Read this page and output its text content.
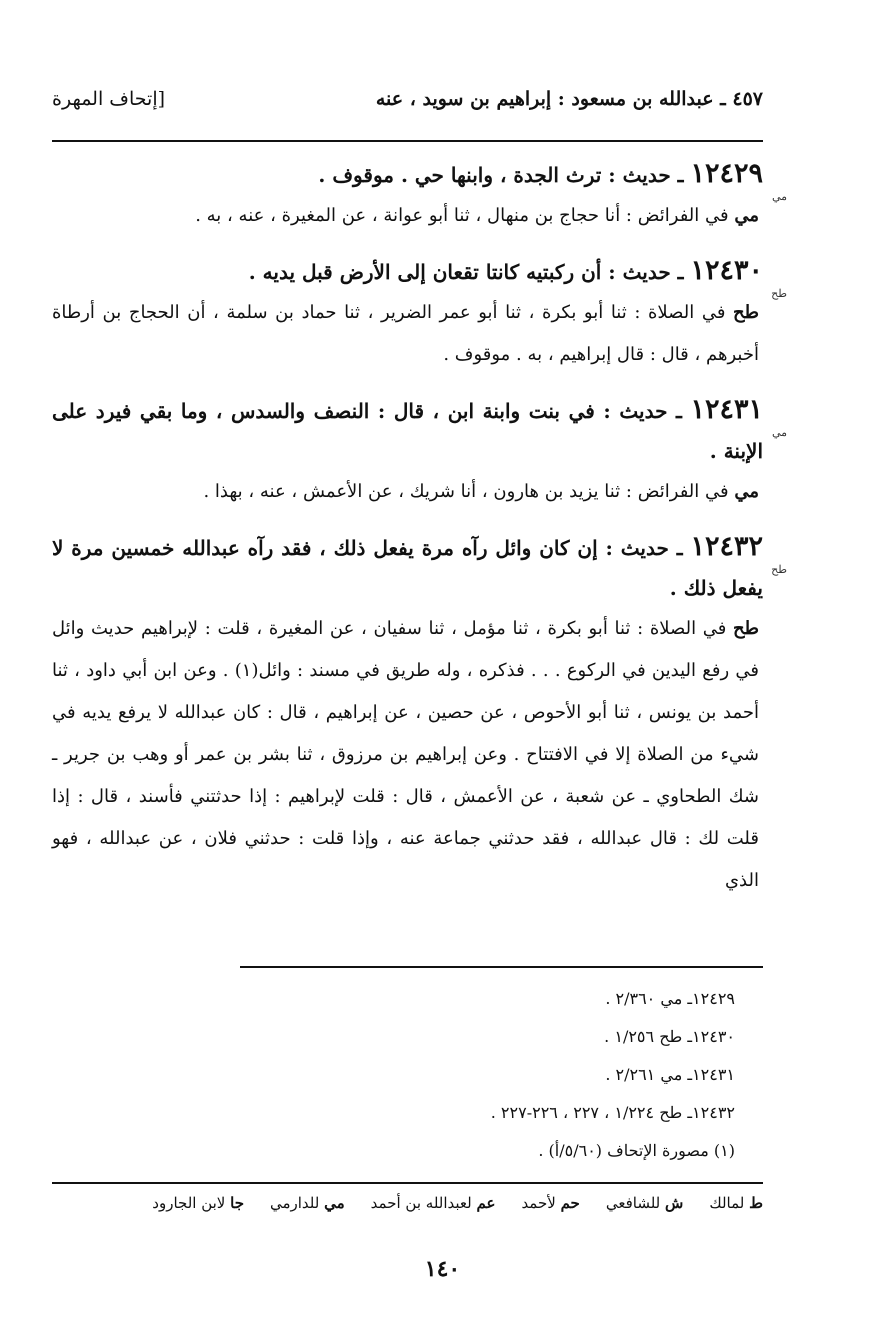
٤٥٧ ـ عبدالله بن مسعود : إبراهيم بن سويد ، عنه
[إتحاف المهرة
مي
١٢٤٢٩ ـ حديث : ترث الجدة ، وابنها حي . موقوف .
مي في الفرائض : أنا حجاج بن منهال ، ثنا أبو عوانة ، عن المغيرة ، عنه ، به .
طح
١٢٤٣٠ ـ حديث : أن ركبتيه كانتا تقعان إلى الأرض قبل يديه .
طح في الصلاة : ثنا أبو بكرة ، ثنا أبو عمر الضرير ، ثنا حماد بن سلمة ، أن الحجاج بن أرطاة أخبرهم ، قال : قال إبراهيم ، به . موقوف .
مي
١٢٤٣١ ـ حديث : في بنت وابنة ابن ، قال : النصف والسدس ، وما بقي فيرد على الإبنة .
مي في الفرائض : ثنا يزيد بن هارون ، أنا شريك ، عن الأعمش ، عنه ، بهذا .
طح
١٢٤٣٢ ـ حديث : إن كان وائل رآه مرة يفعل ذلك ، فقد رآه عبدالله خمسين مرة لا يفعل ذلك .
طح في الصلاة : ثنا أبو بكرة ، ثنا مؤمل ، ثنا سفيان ، عن المغيرة ، قلت : لإبراهيم حديث وائل في رفع اليدين في الركوع . . . فذكره ، وله طريق في مسند : وائل(١) . وعن ابن أبي داود ، ثنا أحمد بن يونس ، ثنا أبو الأحوص ، عن حصين ، عن إبراهيم ، قال : كان عبدالله لا يرفع يديه في شيء من الصلاة إلا في الافتتاح . وعن إبراهيم بن مرزوق ، ثنا بشر بن عمر أو وهب بن جرير ـ شك الطحاوي ـ عن شعبة ، عن الأعمش ، قال : قلت لإبراهيم : إذا حدثتني فأسند ، قال : إذا قلت لك : قال عبدالله ، فقد حدثني جماعة عنه ، وإذا قلت : حدثني فلان ، عن عبدالله ، فهو الذي
١٢٤٢٩ـ مي ٢/٣٦٠ .
١٢٤٣٠ـ طح ١/٢٥٦ .
١٢٤٣١ـ مي ٢/٢٦١ .
١٢٤٣٢ـ طح ١/٢٢٤ ، ٢٢٧ ، ٢٢٦-٢٢٧ .
(١) مصورة الإتحاف (٥/٦٠/أ) .
ط لمالك
ش للشافعي
حم لأحمد
عم لعبدالله بن أحمد
مي للدارمي
جا لابن الجارود
١٤٠
